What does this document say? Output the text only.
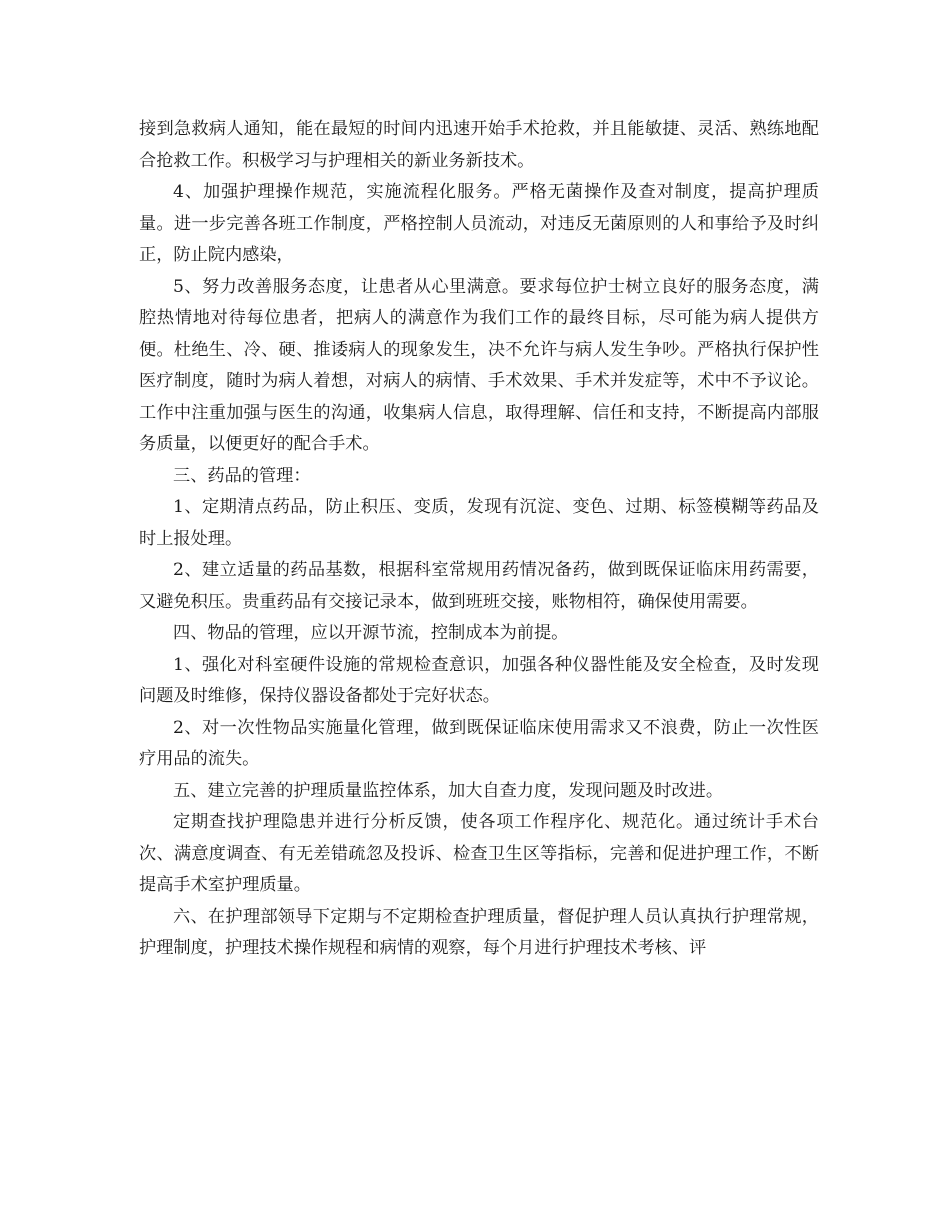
接到急救病人通知，能在最短的时间内迅速开始手术抢救，并且能敏捷、灵活、熟练地配合抢救工作。积极学习与护理相关的新业务新技术。

4、加强护理操作规范，实施流程化服务。严格无菌操作及查对制度，提高护理质量。进一步完善各班工作制度，严格控制人员流动，对违反无菌原则的人和事给予及时纠正，防止院内感染，

5、努力改善服务态度，让患者从心里满意。要求每位护士树立良好的服务态度，满腔热情地对待每位患者，把病人的满意作为我们工作的最终目标，尽可能为病人提供方便。杜绝生、冷、硬、推诿病人的现象发生，决不允许与病人发生争吵。严格执行保护性医疗制度，随时为病人着想，对病人的病情、手术效果、手术并发症等，术中不予议论。工作中注重加强与医生的沟通，收集病人信息，取得理解、信任和支持，不断提高内部服务质量，以便更好的配合手术。

三、药品的管理：

1、定期清点药品，防止积压、变质，发现有沉淀、变色、过期、标签模糊等药品及时上报处理。

2、建立适量的药品基数，根据科室常规用药情况备药，做到既保证临床用药需要，又避免积压。贵重药品有交接记录本，做到班班交接，账物相符，确保使用需要。

四、物品的管理，应以开源节流，控制成本为前提。

1、强化对科室硬件设施的常规检查意识，加强各种仪器性能及安全检查，及时发现问题及时维修，保持仪器设备都处于完好状态。

2、对一次性物品实施量化管理，做到既保证临床使用需求又不浪费，防止一次性医疗用品的流失。

五、建立完善的护理质量监控体系，加大自查力度，发现问题及时改进。

定期查找护理隐患并进行分析反馈，使各项工作程序化、规范化。通过统计手术台次、满意度调查、有无差错疏忽及投诉、检查卫生区等指标，完善和促进护理工作，不断提高手术室护理质量。

六、在护理部领导下定期与不定期检查护理质量，督促护理人员认真执行护理常规，护理制度，护理技术操作规程和病情的观察，每个月进行护理技术考核、评
